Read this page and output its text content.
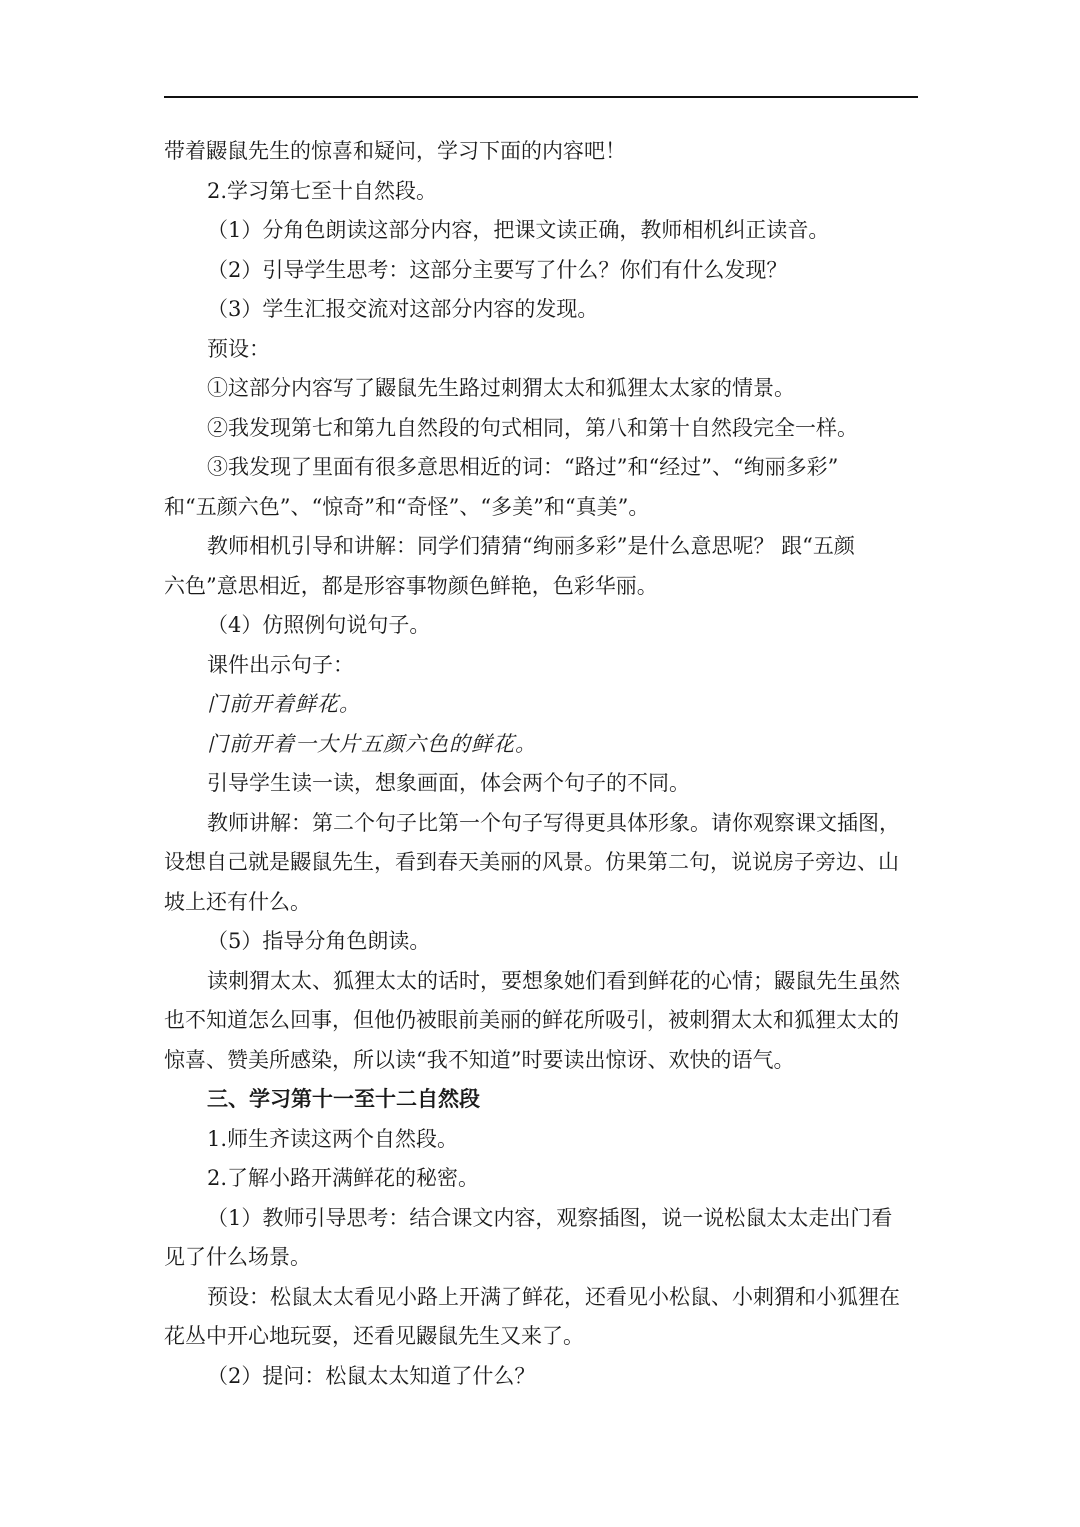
带着鼹鼠先生的惊喜和疑问，学习下面的内容吧！
2.学习第七至十自然段。
（1）分角色朗读这部分内容，把课文读正确，教师相机纠正读音。
（2）引导学生思考：这部分主要写了什么？你们有什么发现？
（3）学生汇报交流对这部分内容的发现。
预设：
①这部分内容写了鼹鼠先生路过刺猬太太和狐狸太太家的情景。
②我发现第七和第九自然段的句式相同，第八和第十自然段完全一样。
③我发现了里面有很多意思相近的词：“路过”和“经过”、“绚丽多彩”
和“五颜六色”、“惊奇”和“奇怪”、“多美”和“真美”。
教师相机引导和讲解：同学们猜猜“绚丽多彩”是什么意思呢？ 跟“五颜
六色”意思相近，都是形容事物颜色鲜艳，色彩华丽。
（4）仿照例句说句子。
课件出示句子：
门前开着鲜花。
门前开着一大片五颜六色的鲜花。
引导学生读一读，想象画面，体会两个句子的不同。
教师讲解：第二个句子比第一个句子写得更具体形象。请你观察课文插图，
设想自己就是鼹鼠先生，看到春天美丽的风景。仿果第二句，说说房子旁边、山
坡上还有什么。
（5）指导分角色朗读。
读刺猬太太、狐狸太太的话时，要想象她们看到鲜花的心情；鼹鼠先生虽然
也不知道怎么回事，但他仍被眼前美丽的鲜花所吸引，被刺猬太太和狐狸太太的
惊喜、赞美所感染，所以读“我不知道”时要读出惊讶、欢快的语气。
三、学习第十一至十二自然段
1.师生齐读这两个自然段。
2.了解小路开满鲜花的秘密。
（1）教师引导思考：结合课文内容，观察插图，说一说松鼠太太走出门看
见了什么场景。
预设：松鼠太太看见小路上开满了鲜花，还看见小松鼠、小刺猬和小狐狸在
花丛中开心地玩耍，还看见鼹鼠先生又来了。
（2）提问：松鼠太太知道了什么？
